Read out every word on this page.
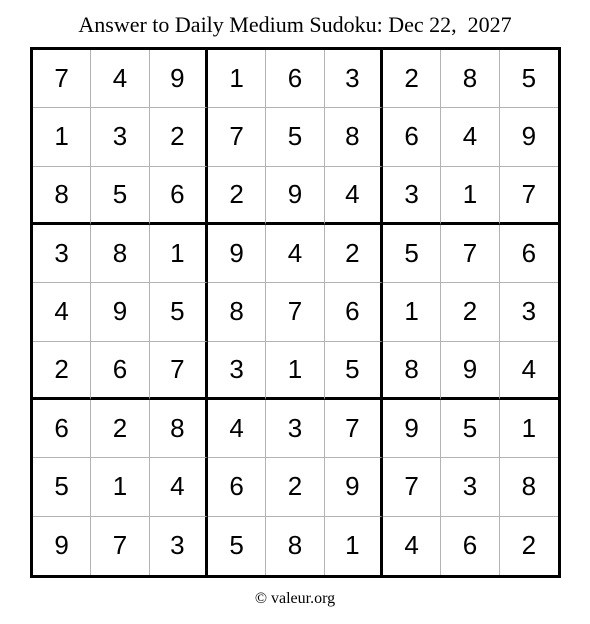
Answer to Daily Medium Sudoku: Dec 22,  2027
7	4	9	1	6	3	2	8	5
1	3	2	7	5	8	6	4	9
8	5	6	2	9	4	3	1	7
3	8	1	9	4	2	5	7	6
4	9	5	8	7	6	1	2	3
2	6	7	3	1	5	8	9	4
6	2	8	4	3	7	9	5	1
5	1	4	6	2	9	7	3	8
9	7	3	5	8	1	4	6	2
© valeur.org
